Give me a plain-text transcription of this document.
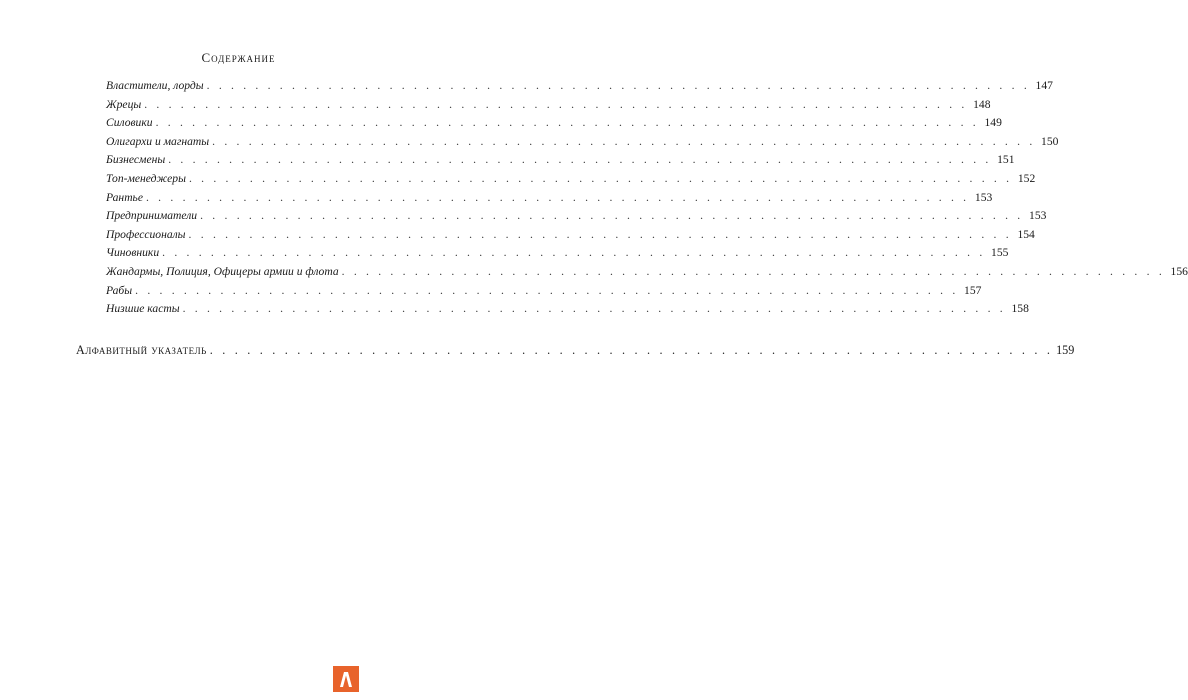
Содержание
Властители, лорды . . . . . . . . . . . . . . . . . . . . . . . . . . . . . . . . . . . . . . . . . . . . . . . . . . . . . . . . . . . . . . . . . . . . 147
Жрецы . . . . . . . . . . . . . . . . . . . . . . . . . . . . . . . . . . . . . . . . . . . . . . . . . . . . . . . . . . . . . . . . . . . . 148
Силовики . . . . . . . . . . . . . . . . . . . . . . . . . . . . . . . . . . . . . . . . . . . . . . . . . . . . . . . . . . . . . . . . . . . . 149
Олигархи и магнаты . . . . . . . . . . . . . . . . . . . . . . . . . . . . . . . . . . . . . . . . . . . . . . . . . . . . . . . . . . . . . . . . . . . . 150
Бизнесмены . . . . . . . . . . . . . . . . . . . . . . . . . . . . . . . . . . . . . . . . . . . . . . . . . . . . . . . . . . . . . . . . . . . . 151
Топ-менеджеры . . . . . . . . . . . . . . . . . . . . . . . . . . . . . . . . . . . . . . . . . . . . . . . . . . . . . . . . . . . . . . . . . . . . 152
Рантье . . . . . . . . . . . . . . . . . . . . . . . . . . . . . . . . . . . . . . . . . . . . . . . . . . . . . . . . . . . . . . . . . . . . 153
Предприниматели . . . . . . . . . . . . . . . . . . . . . . . . . . . . . . . . . . . . . . . . . . . . . . . . . . . . . . . . . . . . . . . . . . . . 153
Профессионалы . . . . . . . . . . . . . . . . . . . . . . . . . . . . . . . . . . . . . . . . . . . . . . . . . . . . . . . . . . . . . . . . . . . . 154
Чиновники . . . . . . . . . . . . . . . . . . . . . . . . . . . . . . . . . . . . . . . . . . . . . . . . . . . . . . . . . . . . . . . . . . . . 155
Жандармы, Полиция, Офицеры армии и флота . . . . . . . . . . . . . . . . . . . . . . . . . . . . . . . . . . . . . . . . . . . . . . . . . . . . . . . . . . . . . . . . . . . . 156
Рабы . . . . . . . . . . . . . . . . . . . . . . . . . . . . . . . . . . . . . . . . . . . . . . . . . . . . . . . . . . . . . . . . . . . . 157
Низшие касты . . . . . . . . . . . . . . . . . . . . . . . . . . . . . . . . . . . . . . . . . . . . . . . . . . . . . . . . . . . . . . . . . . . . 158
Алфавитный указатель . . . . . . . . . . . . . . . . . . . . . . . . . . . . . . . . . . . . . . . . . . . . . . . . . . . . . . . . . . . . . . . . . . . . 159
